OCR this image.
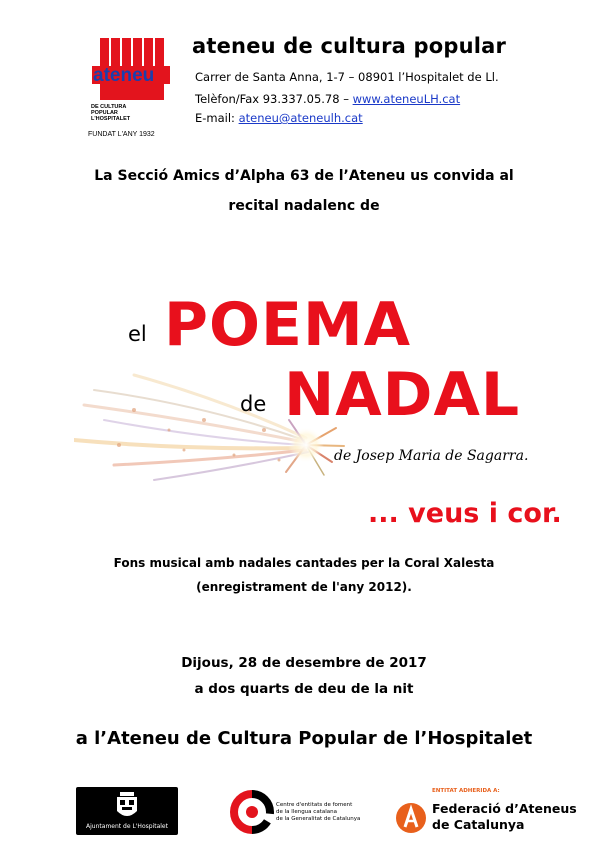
ateneu
DE CULTURA
POPULAR
L'HOSPITALET
FUNDAT L'ANY 1932
ateneu de cultura popular
Carrer de Santa Anna, 1-7 – 08901 l’Hospitalet de Ll.
Telèfon/Fax 93.337.05.78 – www.ateneuLH.cat
E-mail: ateneu@ateneulh.cat
La Secció Amics d’Alpha 63 de l’Ateneu us convida al
recital nadalenc de
el POEMA
de NADAL
de Josep Maria de Sagarra.
... veus i cor.
Fons musical amb nadales cantades per la Coral Xalesta
(enregistrament de l'any 2012).
Dijous, 28 de desembre de 2017
a dos quarts de deu de la nit
a l’Ateneu de Cultura Popular de l’Hospitalet
Ajuntament de L'Hospitalet
Centre d'entitats de foment
de la llengua catalana
de la Generalitat de Catalunya
ENTITAT ADHERIDA A:
Federació d’Ateneus
de Catalunya
